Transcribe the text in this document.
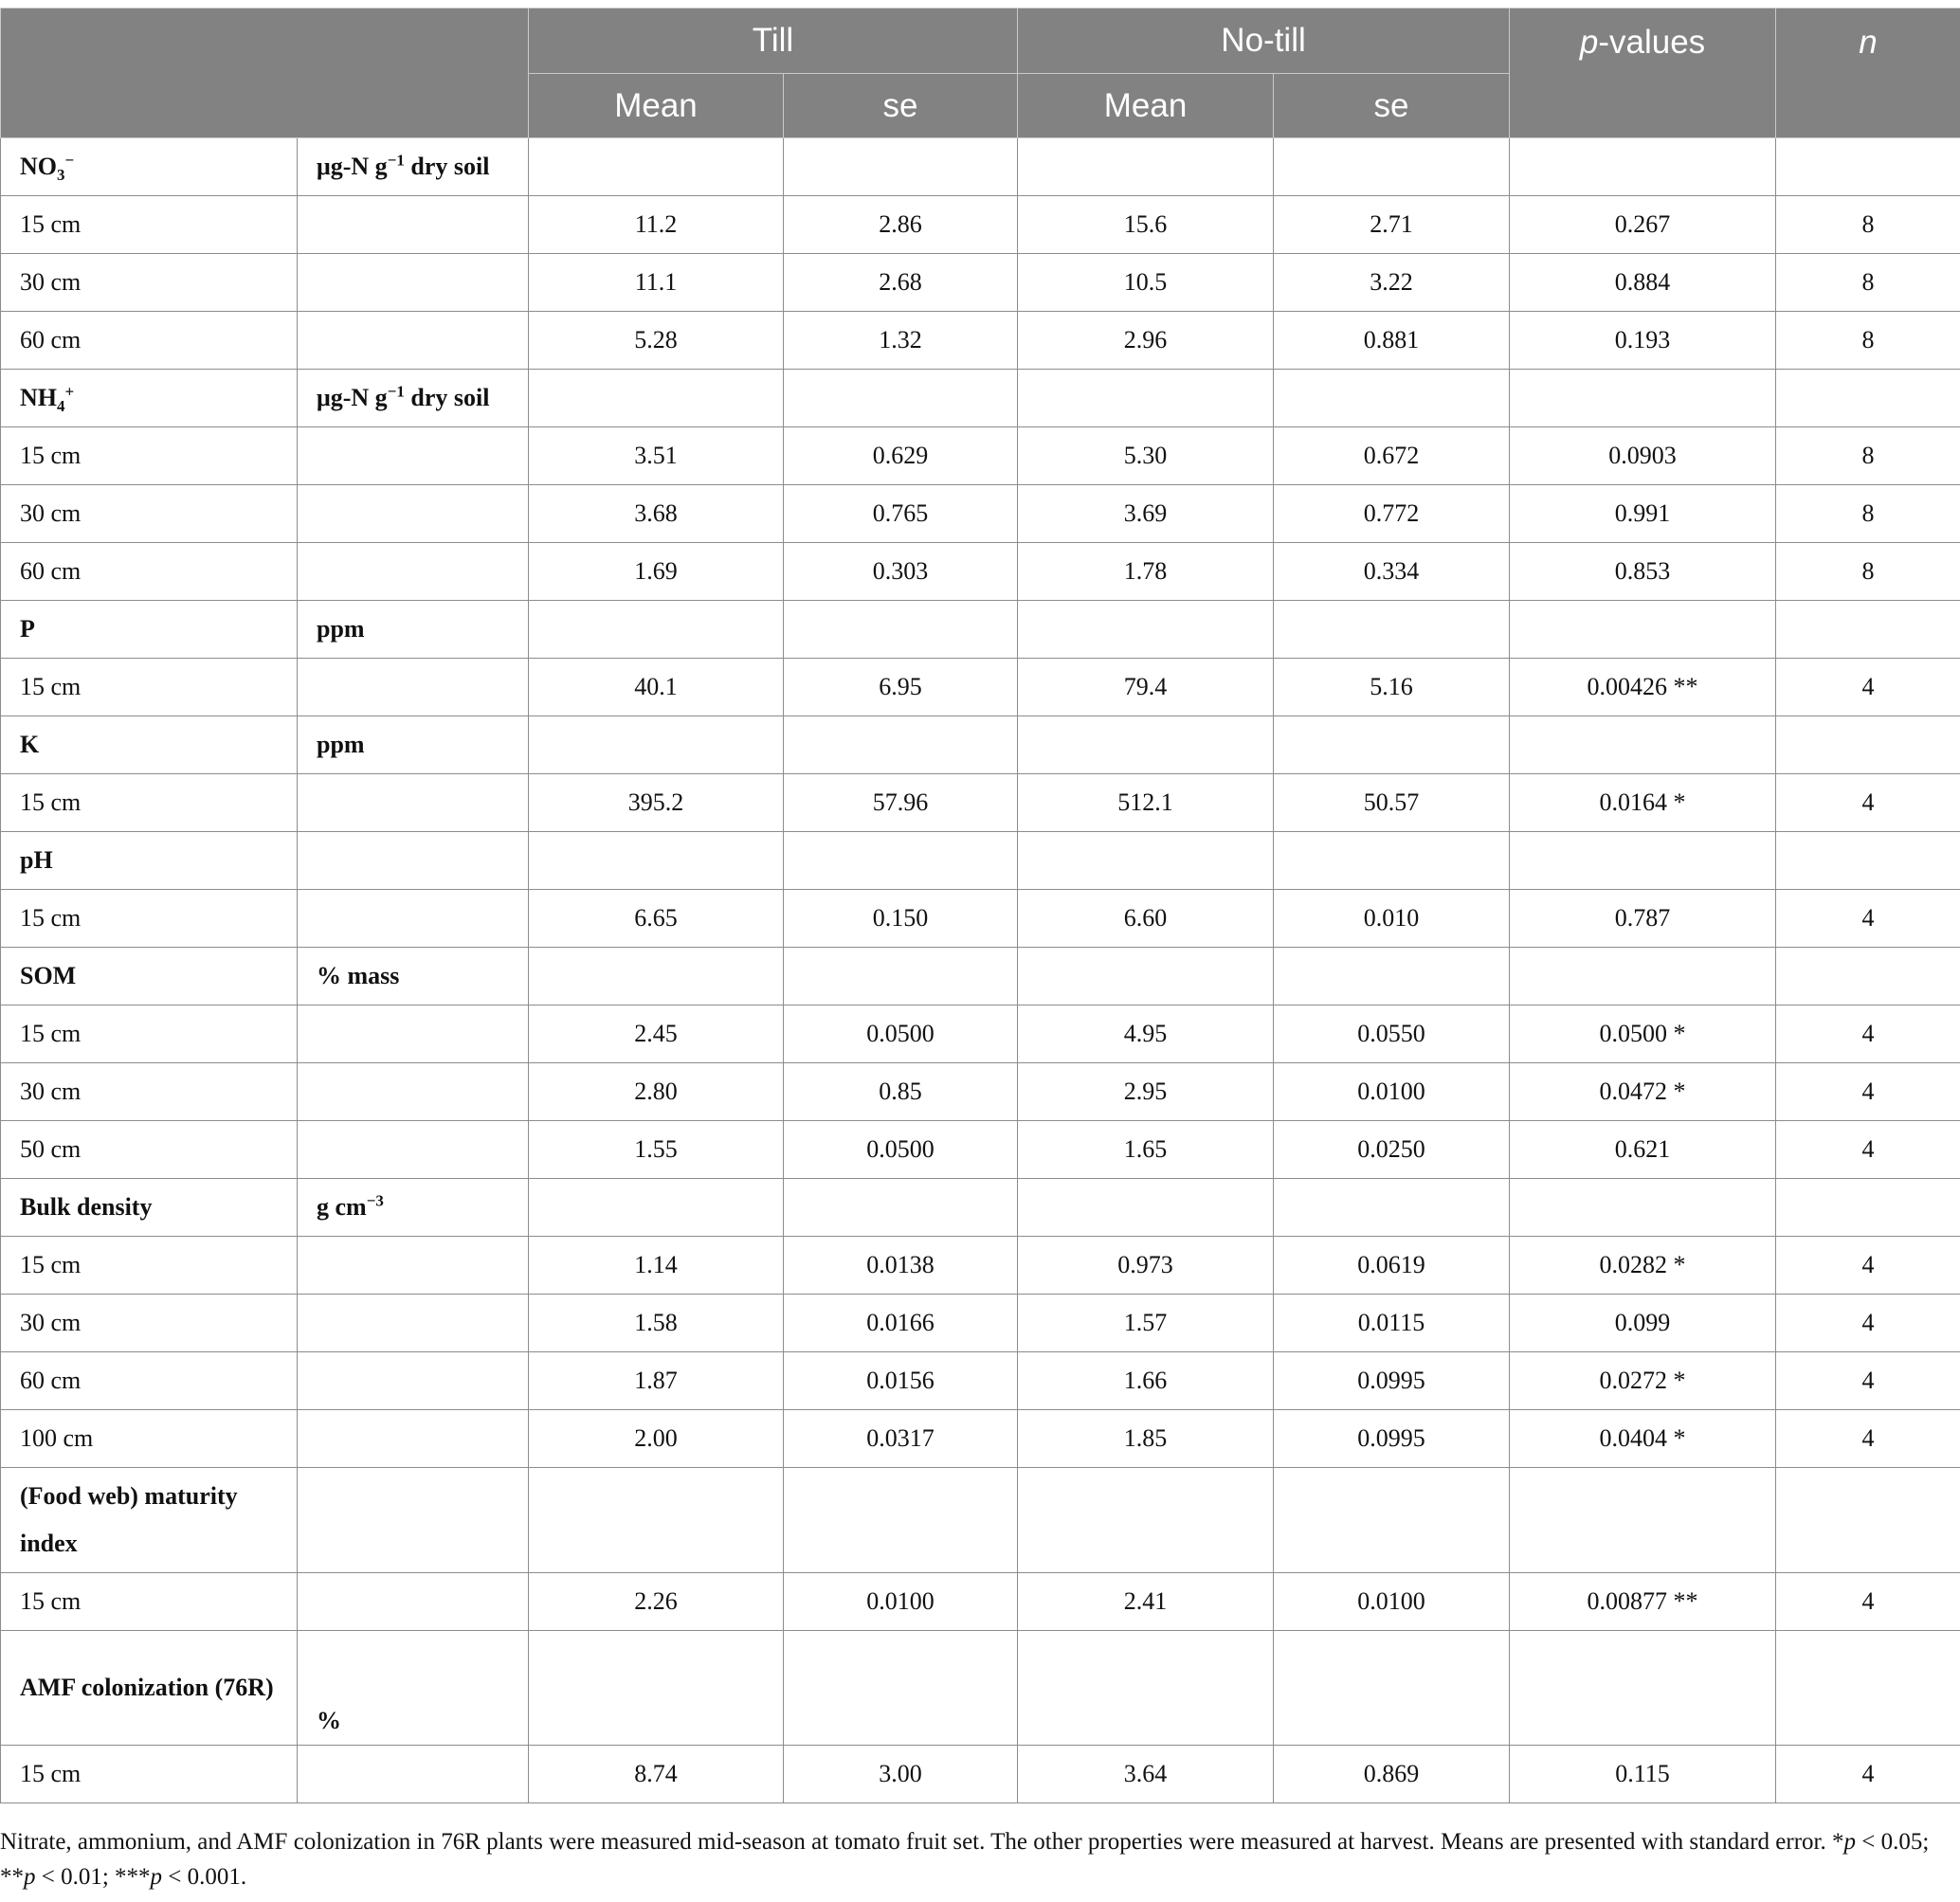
		Till		No-till		p-values	n
		Mean	se	Mean	se		
$NO_3^-$	μg-N $g^{-1}$ dry soil						
15 cm		11.2	2.86	15.6	2.71	0.267	8
30 cm		11.1	2.68	10.5	3.22	0.884	8
60 cm		5.28	1.32	2.96	0.881	0.193	8
$NH_4^+$	μg-N $g^{-1}$ dry soil						
15 cm		3.51	0.629	5.30	0.672	0.0903	8
30 cm		3.68	0.765	3.69	0.772	0.991	8
60 cm		1.69	0.303	1.78	0.334	0.853	8
P	ppm						
15 cm		40.1	6.95	79.4	5.16	0.00426 **	4
K	ppm						
15 cm		395.2	57.96	512.1	50.57	0.0164 *	4
pH							
15 cm		6.65	0.150	6.60	0.010	0.787	4
SOM	% mass						
15 cm		2.45	0.0500	4.95	0.0550	0.0500 *	4
30 cm		2.80	0.85	2.95	0.0100	0.0472 *	4
50 cm		1.55	0.0500	1.65	0.0250	0.621	4
Bulk density	g $cm^{-3}$						
15 cm		1.14	0.0138	0.973	0.0619	0.0282 *	4
30 cm		1.58	0.0166	1.57	0.0115	0.099	4
60 cm		1.87	0.0156	1.66	0.0995	0.0272 *	4
100 cm		2.00	0.0317	1.85	0.0995	0.0404 *	4
(Food web) maturity index							
15 cm		2.26	0.0100	2.41	0.0100	0.00877 **	4
AMF colonization (76R)	%						
15 cm		8.74	3.00	3.64	0.869	0.115	4
Nitrate, ammonium, and AMF colonization in 76R plants were measured mid-season at tomato fruit set. The other properties were measured at harvest. Means are presented with standard error. *p < 0.05; **p < 0.01; ***p < 0.001.
